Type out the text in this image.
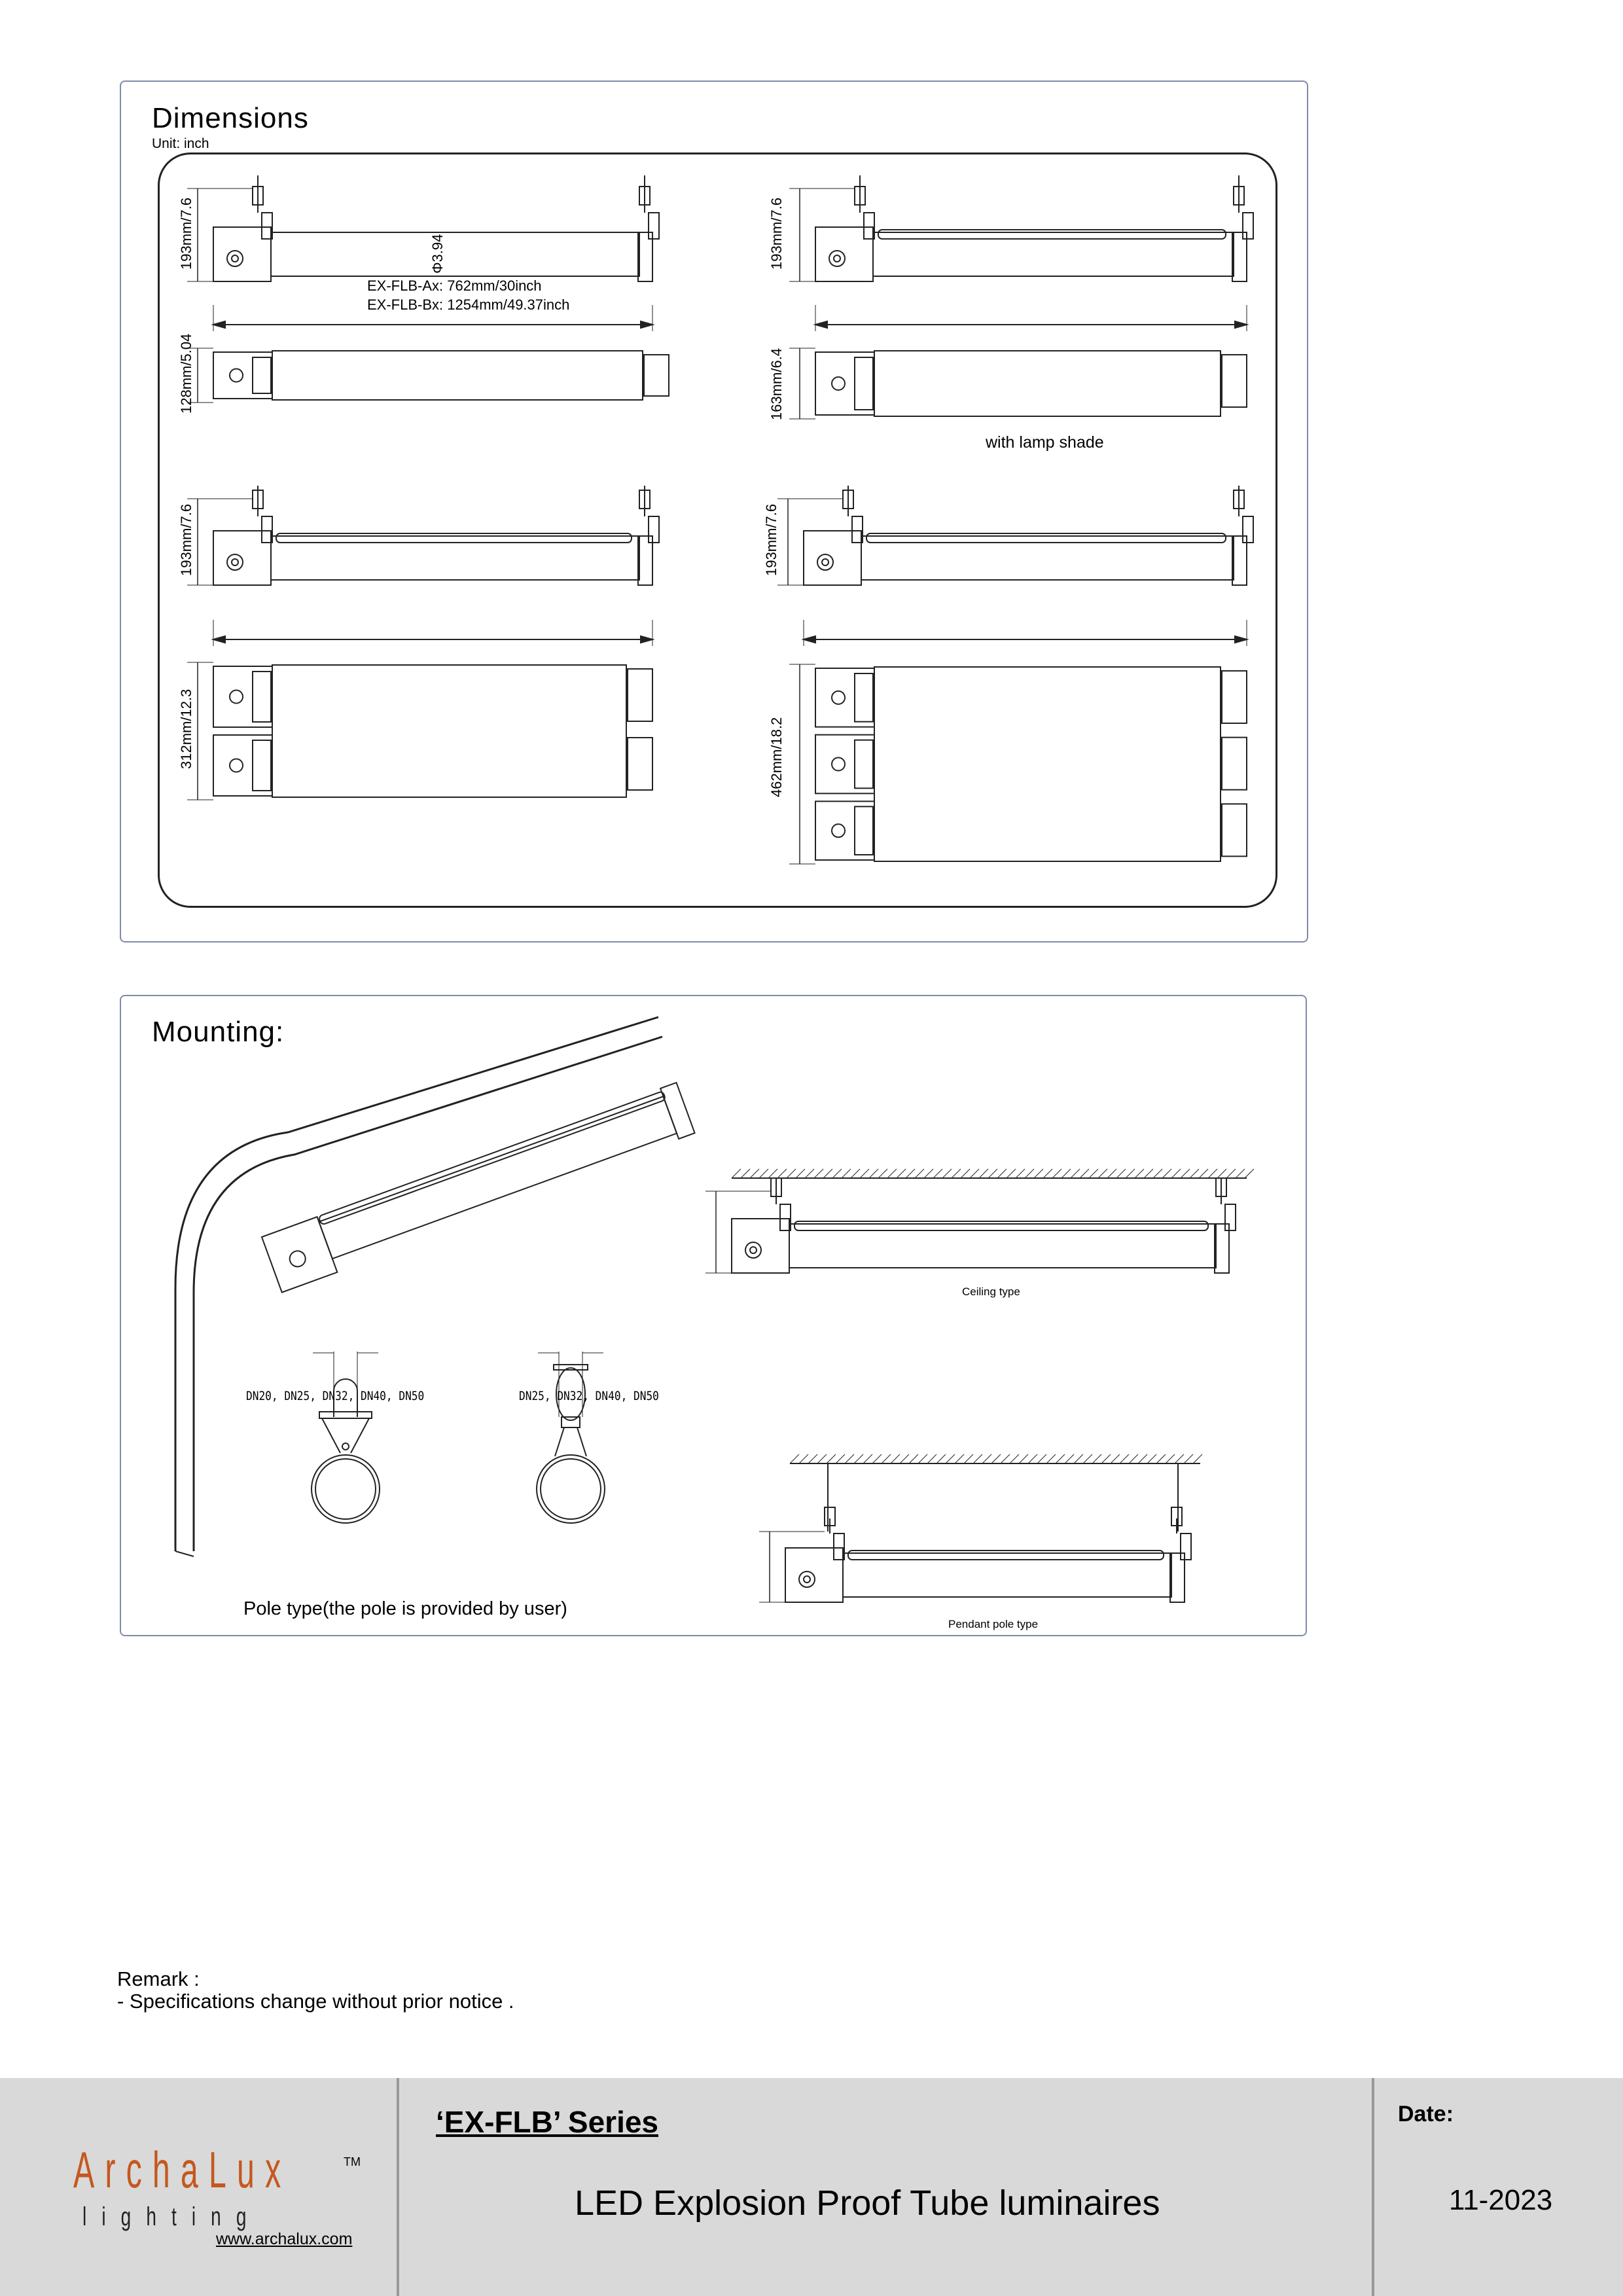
Dimensions
Unit: inch
193mm/7.6	Φ3.94
EX-FLB-Ax: 762mm/30inch
EX-FLB-Bx: 1254mm/49.37inch
128mm/5.04
193mm/7.6
163mm/6.4
with lamp shade
193mm/7.6	193mm/7.6
312mm/12.3	462mm/18.2
Mounting:
DN20, DN25, DN32, DN40, DN50	DN25, DN32, DN40, DN50
Pole type(the pole is provided by user)
Ceiling type
Pendant pole type
Remark :
- Specifications change without prior notice .
ArchaLux
lighting
TM
www.archalux.com
‘EX-FLB’ Series
LED Explosion Proof Tube luminaires
Date:
11-2023
